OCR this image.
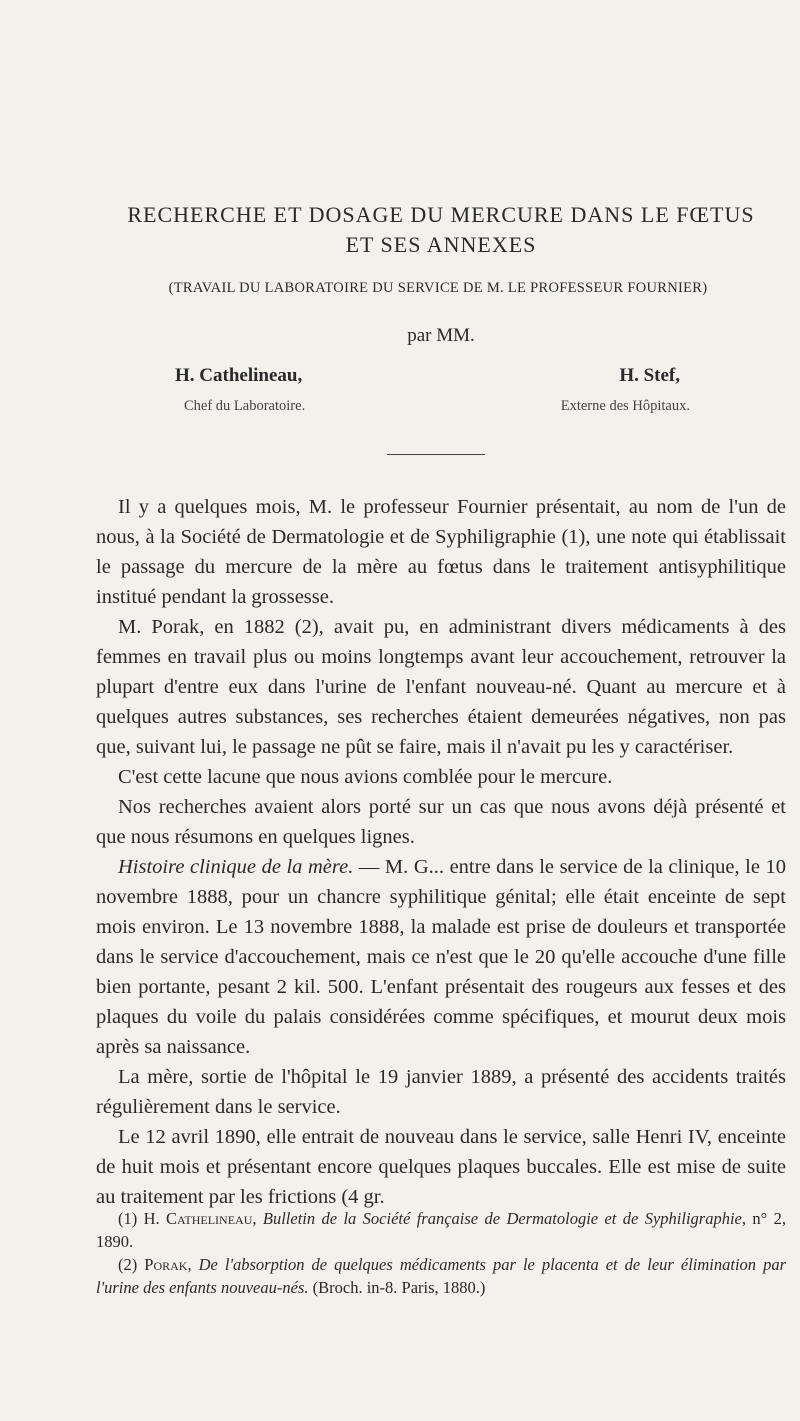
RECHERCHE ET DOSAGE DU MERCURE DANS LE FŒTUS
ET SES ANNEXES
(TRAVAIL DU LABORATOIRE DU SERVICE DE M. LE PROFESSEUR FOURNIER)
par MM.
H. Cathelineau,	H. Stef,
Chef du Laboratoire.	Externe des Hôpitaux.

Il y a quelques mois, M. le professeur Fournier présentait, au nom de l'un de nous, à la Société de Dermatologie et de Syphiligraphie (1), une note qui établissait le passage du mercure de la mère au fœtus dans le traitement antisyphilitique institué pendant la grossesse.

M. Porak, en 1882 (2), avait pu, en administrant divers médicaments à des femmes en travail plus ou moins longtemps avant leur accouchement, retrouver la plupart d'entre eux dans l'urine de l'enfant nouveau-né. Quant au mercure et à quelques autres substances, ses recherches étaient demeurées négatives, non pas que, suivant lui, le passage ne pût se faire, mais il n'avait pu les y caractériser.

C'est cette lacune que nous avions comblée pour le mercure.

Nos recherches avaient alors porté sur un cas que nous avons déjà présenté et que nous résumons en quelques lignes.

Histoire clinique de la mère. — M. G... entre dans le service de la clinique, le 10 novembre 1888, pour un chancre syphilitique génital; elle était enceinte de sept mois environ. Le 13 novembre 1888, la malade est prise de douleurs et transportée dans le service d'accouchement, mais ce n'est que le 20 qu'elle accouche d'une fille bien portante, pesant 2 kil. 500. L'enfant présentait des rougeurs aux fesses et des plaques du voile du palais considérées comme spécifiques, et mourut deux mois après sa naissance.

La mère, sortie de l'hôpital le 19 janvier 1889, a présenté des accidents traités régulièrement dans le service.

Le 12 avril 1890, elle entrait de nouveau dans le service, salle Henri IV, enceinte de huit mois et présentant encore quelques plaques buccales. Elle est mise de suite au traitement par les frictions (4 gr.

(1) H. Cathelineau, Bulletin de la Société française de Dermatologie et de Syphiligraphie, n° 2, 1890.

(2) Porak, De l'absorption de quelques médicaments par le placenta et de leur élimination par l'urine des enfants nouveau-nés. (Broch. in-8. Paris, 1880.)
